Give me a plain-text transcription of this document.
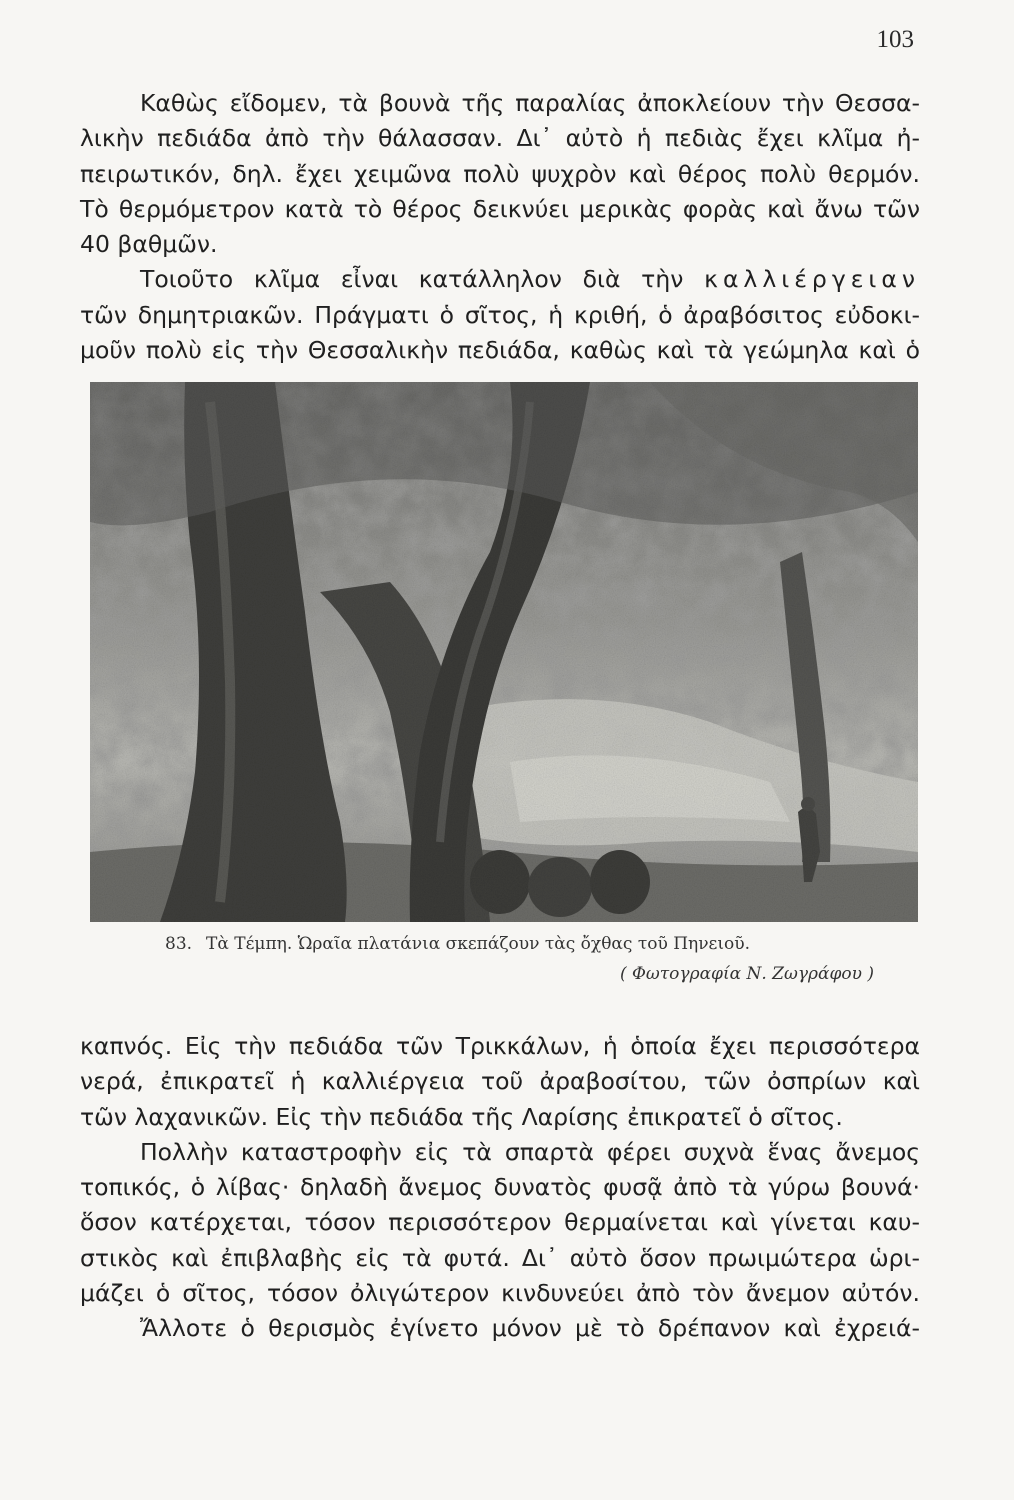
103

Καθὼς εἴδομεν, τὰ βουνὰ τῆς παραλίας ἀποκλείουν τὴν Θεσσα-

λικὴν πεδιάδα ἀπὸ τὴν θάλασσαν. Δι᾽ αὐτὸ ἡ πεδιὰς ἔχει κλῖμα ἠ-

πειρωτικόν, δηλ. ἔχει χειμῶνα πολὺ ψυχρὸν καὶ θέρος πολὺ θερμόν.

Τὸ θερμόμετρον κατὰ τὸ θέρος δεικνύει μερικὰς φορὰς καὶ ἄνω τῶν

40 βαθμῶν.

Τοιοῦτο κλῖμα εἶναι κατάλληλον διὰ τὴν καλλιέργειαν

τῶν δημητριακῶν. Πράγματι ὁ σῖτος, ἡ κριθή, ὁ ἀραβόσιτος εὐδοκι-

μοῦν πολὺ εἰς τὴν Θεσσαλικὴν πεδιάδα, καθὼς καὶ τὰ γεώμηλα καὶ ὁ

83. Τὰ Τέμπη. Ὡραῖα πλατάνια σκεπάζουν τὰς ὄχθας τοῦ Πηνειοῦ.
( Φωτογραφία Ν. Ζωγράφου )

καπνός. Εἰς τὴν πεδιάδα τῶν Τρικκάλων, ἡ ὁποία ἔχει περισσότερα

νερά, ἐπικρατεῖ ἡ καλλιέργεια τοῦ ἀραβοσίτου, τῶν ὀσπρίων καὶ

τῶν λαχανικῶν. Εἰς τὴν πεδιάδα τῆς Λαρίσης ἐπικρατεῖ ὁ σῖτος.

Πολλὴν καταστροφὴν εἰς τὰ σπαρτὰ φέρει συχνὰ ἕνας ἄνεμος

τοπικός, ὁ λίβας· δηλαδὴ ἄνεμος δυνατὸς φυσᾷ ἀπὸ τὰ γύρω βουνά·

ὅσον κατέρχεται, τόσον περισσότερον θερμαίνεται καὶ γίνεται καυ-

στικὸς καὶ ἐπιβλαβὴς εἰς τὰ φυτά. Δι᾽ αὐτὸ ὅσον πρωιμώτερα ὡρι-

μάζει ὁ σῖτος, τόσον ὀλιγώτερον κινδυνεύει ἀπὸ τὸν ἄνεμον αὐτόν.

Ἄλλοτε ὁ θερισμὸς ἐγίνετο μόνον μὲ τὸ δρέπανον καὶ ἐχρειά-
